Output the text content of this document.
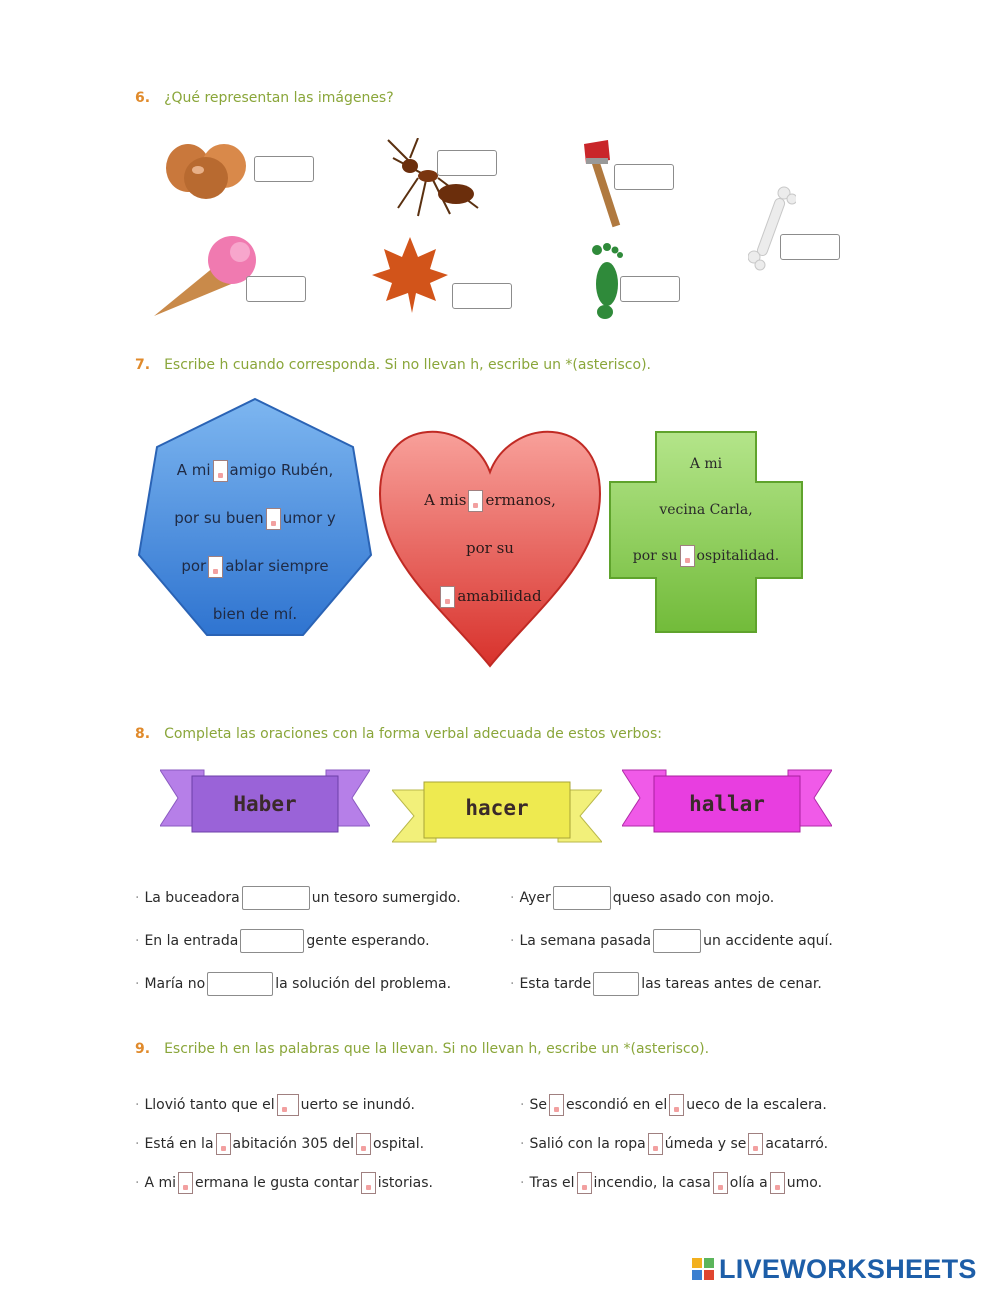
6. ¿Qué representan las imágenes?
7. Escribe h cuando corresponda. Si no llevan h, escribe un *(asterisco).
A mi amigo Rubén,
por su buen umor y
por ablar siempre
bien de mí.
A mis ermanos,
por su
amabilidad
A mi
vecina Carla,
por su ospitalidad.
8. Completa las oraciones con la forma verbal adecuada de estos verbos:
Haber	hacer	hallar
· La buceadora	un tesoro sumergido.
· En la entrada	gente esperando.
· María no	la solución del problema.
· Ayer	queso asado con mojo.
· La semana pasada	un accidente aquí.
· Esta tarde	las tareas antes de cenar.
9. Escribe h en las palabras que la llevan. Si no llevan h, escribe un *(asterisco).
· Llovió tanto que el uerto se inundó.
· Está en la abitación 305 del ospital.
· A mi ermana le gusta contar istorias.
· Se escondió en el ueco de la escalera.
· Salió con la ropa úmeda y se acatarró.
· Tras el incendio, la casa olía a umo.
LIVEWORKSHEETS
